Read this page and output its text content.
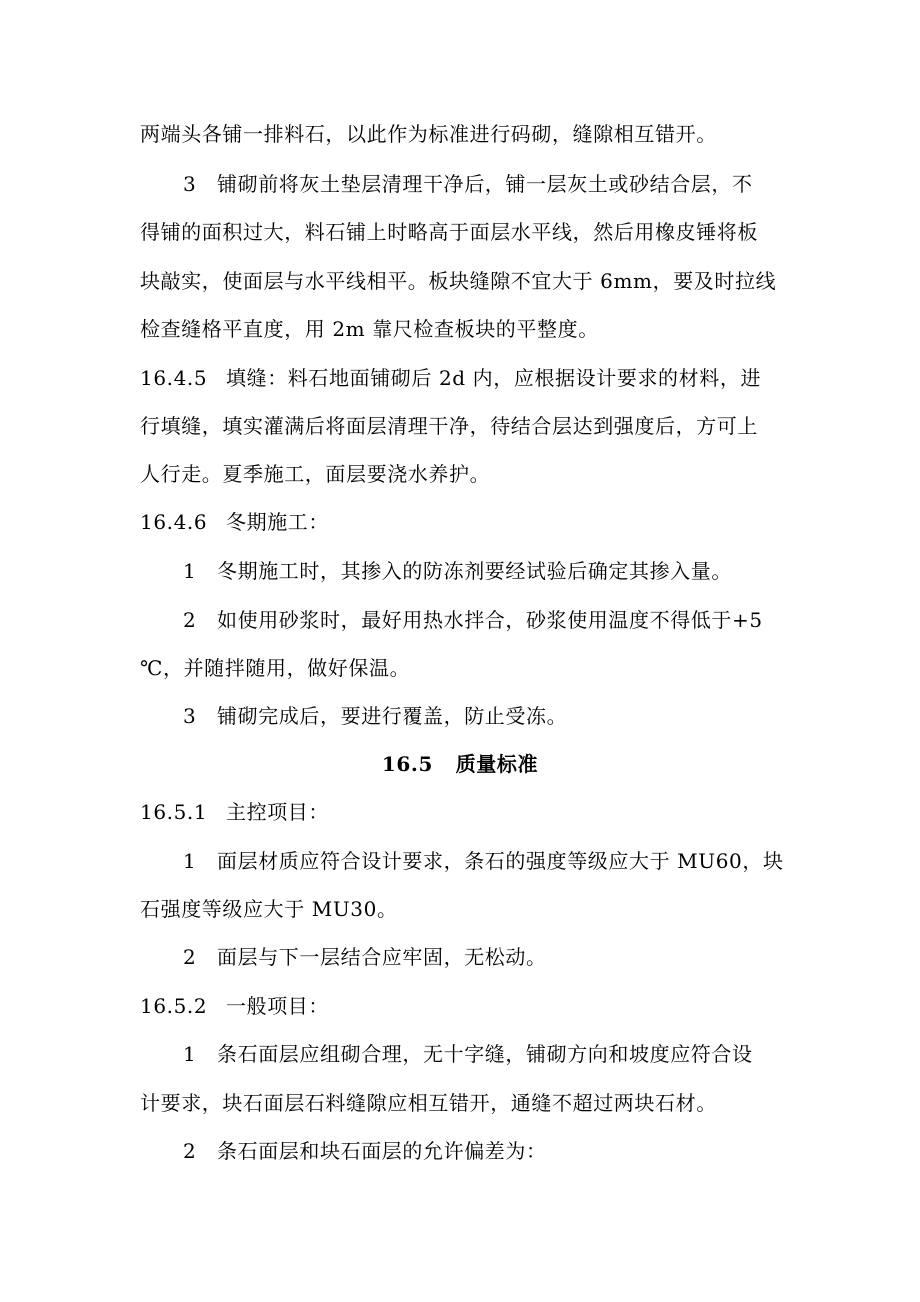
两端头各铺一排料石，以此作为标准进行码砌，缝隙相互错开。
3 铺砌前将灰土垫层清理干净后，铺一层灰土或砂结合层，不
得铺的面积过大，料石铺上时略高于面层水平线，然后用橡皮锤将板
块敲实，使面层与水平线相平。板块缝隙不宜大于 6mm，要及时拉线
检查缝格平直度，用 2m 靠尺检查板块的平整度。
16.4.5 填缝：料石地面铺砌后 2d 内，应根据设计要求的材料，进
行填缝，填实灌满后将面层清理干净，待结合层达到强度后，方可上
人行走。夏季施工，面层要浇水养护。
16.4.6 冬期施工：
1 冬期施工时，其掺入的防冻剂要经试验后确定其掺入量。
2 如使用砂浆时，最好用热水拌合，砂浆使用温度不得低于+5
℃，并随拌随用，做好保温。
3 铺砌完成后，要进行覆盖，防止受冻。
16.5 质量标准
16.5.1 主控项目：
1 面层材质应符合设计要求，条石的强度等级应大于 MU60，块
石强度等级应大于 MU30。
2 面层与下一层结合应牢固，无松动。
16.5.2 一般项目：
1 条石面层应组砌合理，无十字缝，铺砌方向和坡度应符合设
计要求，块石面层石料缝隙应相互错开，通缝不超过两块石材。
2 条石面层和块石面层的允许偏差为：
